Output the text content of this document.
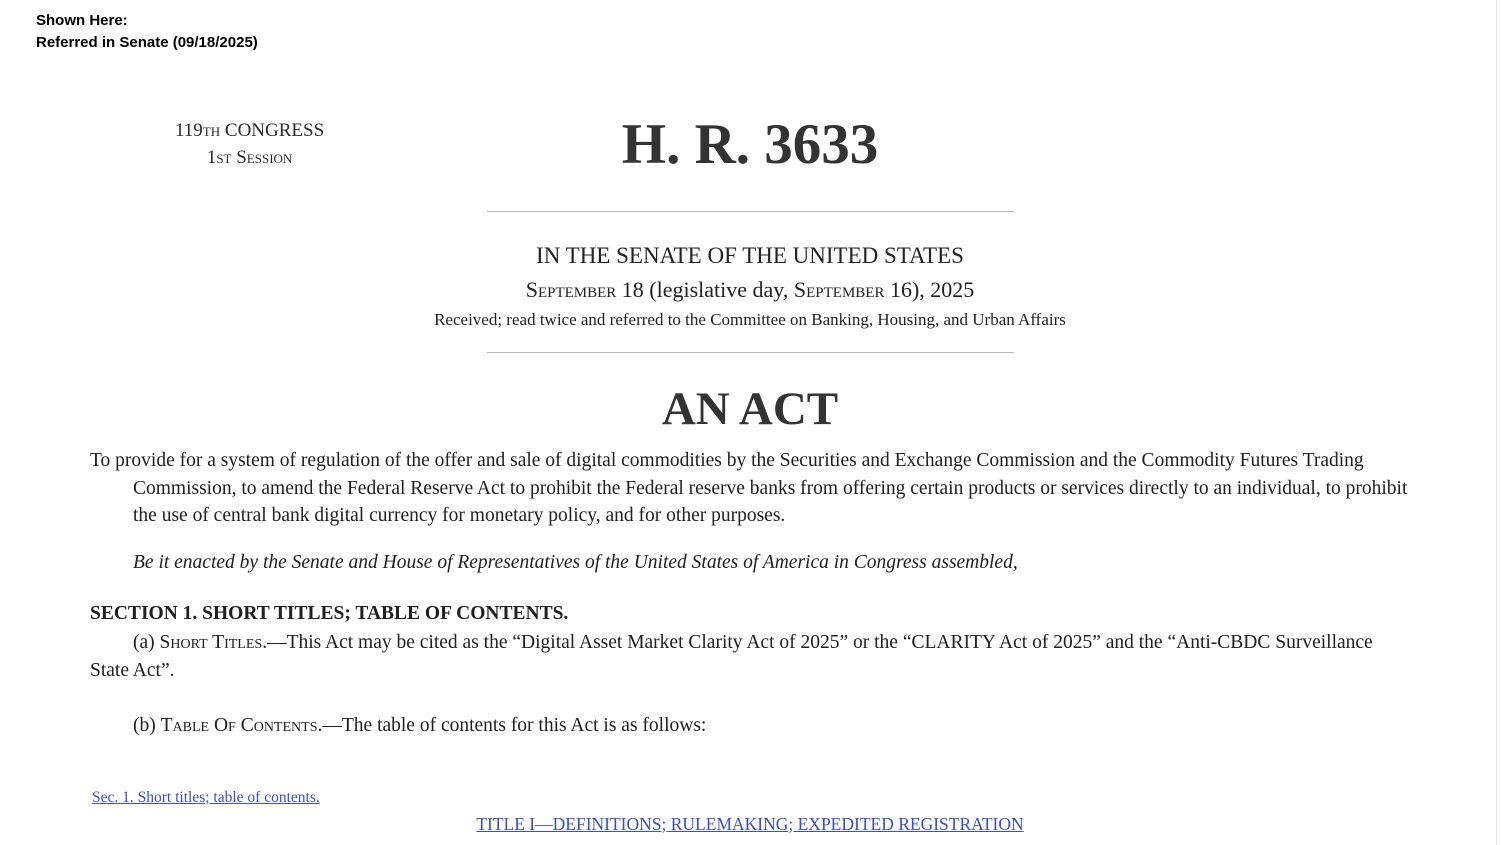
Shown Here:
Referred in Senate (09/18/2025)
119th CONGRESS
1st Session	H. R. 3633
IN THE SENATE OF THE UNITED STATES
September 18 (legislative day, September 16), 2025
Received; read twice and referred to the Committee on Banking, Housing, and Urban Affairs
AN ACT

To provide for a system of regulation of the offer and sale of digital commodities by the Securities and Exchange Commission and the Commodity Futures Trading Commission, to amend the Federal Reserve Act to prohibit the Federal reserve banks from offering certain products or services directly to an individual, to prohibit the use of central bank digital currency for monetary policy, and for other purposes.

Be it enacted by the Senate and House of Representatives of the United States of America in Congress assembled,

SECTION 1. SHORT TITLES; TABLE OF CONTENTS.

(a) Short Titles.—This Act may be cited as the “Digital Asset Market Clarity Act of 2025” or the “CLARITY Act of 2025” and the “Anti-CBDC Surveillance State Act”.

(b) Table Of Contents.—The table of contents for this Act is as follows:

Sec. 1. Short titles; table of contents.
TITLE I—DEFINITIONS; RULEMAKING; EXPEDITED REGISTRATION
